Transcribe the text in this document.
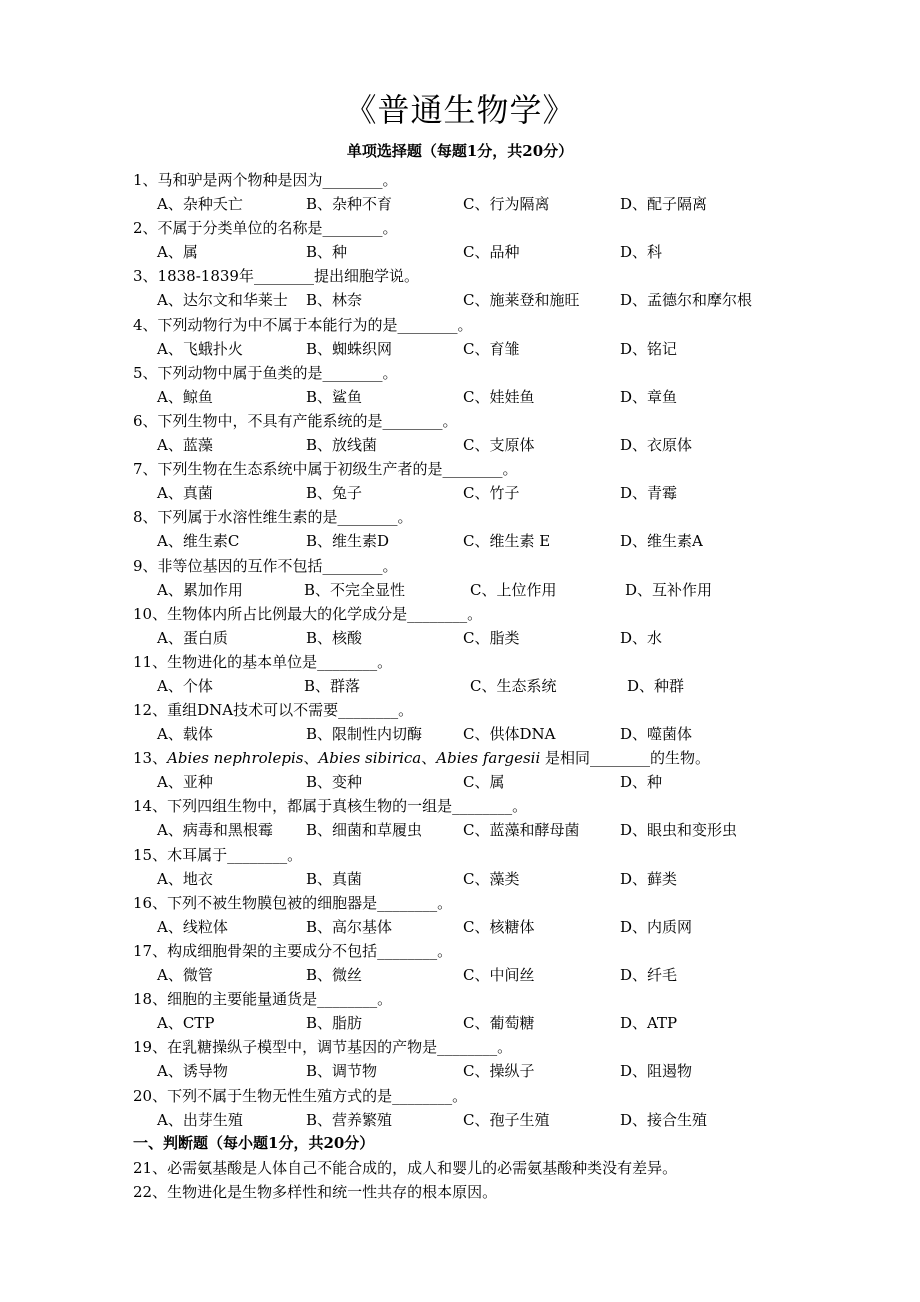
《普通生物学》
单项选择题（每题1分，共20分）
1、马和驴是两个物种是因为________。
A、杂种夭亡	B、杂种不育	C、行为隔离	D、配子隔离
2、不属于分类单位的名称是________。
A、属	B、种	C、品种	D、科
3、1838-1839年________提出细胞学说。
A、达尔文和华莱士 B、林奈	C、施莱登和施旺	D、孟德尔和摩尔根
4、下列动物行为中不属于本能行为的是________。
A、飞蛾扑火	B、蜘蛛织网	C、育雏	D、铭记
5、下列动物中属于鱼类的是________。
A、鲸鱼	B、鲨鱼	C、娃娃鱼	D、章鱼
6、下列生物中，不具有产能系统的是________。
A、蓝藻	B、放线菌	C、支原体	D、衣原体
7、下列生物在生态系统中属于初级生产者的是________。
A、真菌	B、兔子	C、竹子	D、青霉
8、下列属于水溶性维生素的是________。
A、维生素C	B、维生素D	C、维生素 E	D、维生素A
9、非等位基因的互作不包括________。
A、累加作用	B、不完全显性	C、上位作用	D、互补作用
10、生物体内所占比例最大的化学成分是________。
A、蛋白质	B、核酸	C、脂类	D、水
11、生物进化的基本单位是________。
A、个体	B、群落	C、生态系统	D、种群
12、重组DNA技术可以不需要________。
A、载体	B、限制性内切酶	C、供体DNA	D、噬菌体
13、Abies nephrolepis、Abies sibirica、Abies fargesii 是相同________的生物。
A、亚种	B、变种	C、属	D、种
14、下列四组生物中，都属于真核生物的一组是________。
A、病毒和黑根霉 B、细菌和草履虫	C、蓝藻和酵母菌	D、眼虫和变形虫
15、木耳属于________。
A、地衣	B、真菌	C、藻类	D、藓类
16、下列不被生物膜包被的细胞器是________。
A、线粒体	B、高尔基体	C、核糖体	D、内质网
17、构成细胞骨架的主要成分不包括________。
A、微管	B、微丝	C、中间丝	D、纤毛
18、细胞的主要能量通货是________。
A、CTP	B、脂肪	C、葡萄糖	D、ATP
19、在乳糖操纵子模型中，调节基因的产物是________。
A、诱导物	B、调节物	C、操纵子	D、阻遏物
20、下列不属于生物无性生殖方式的是________。
A、出芽生殖	B、营养繁殖	C、孢子生殖	D、接合生殖
一、判断题（每小题1分，共20分）
21、必需氨基酸是人体自己不能合成的，成人和婴儿的必需氨基酸种类没有差异。
22、生物进化是生物多样性和统一性共存的根本原因。
